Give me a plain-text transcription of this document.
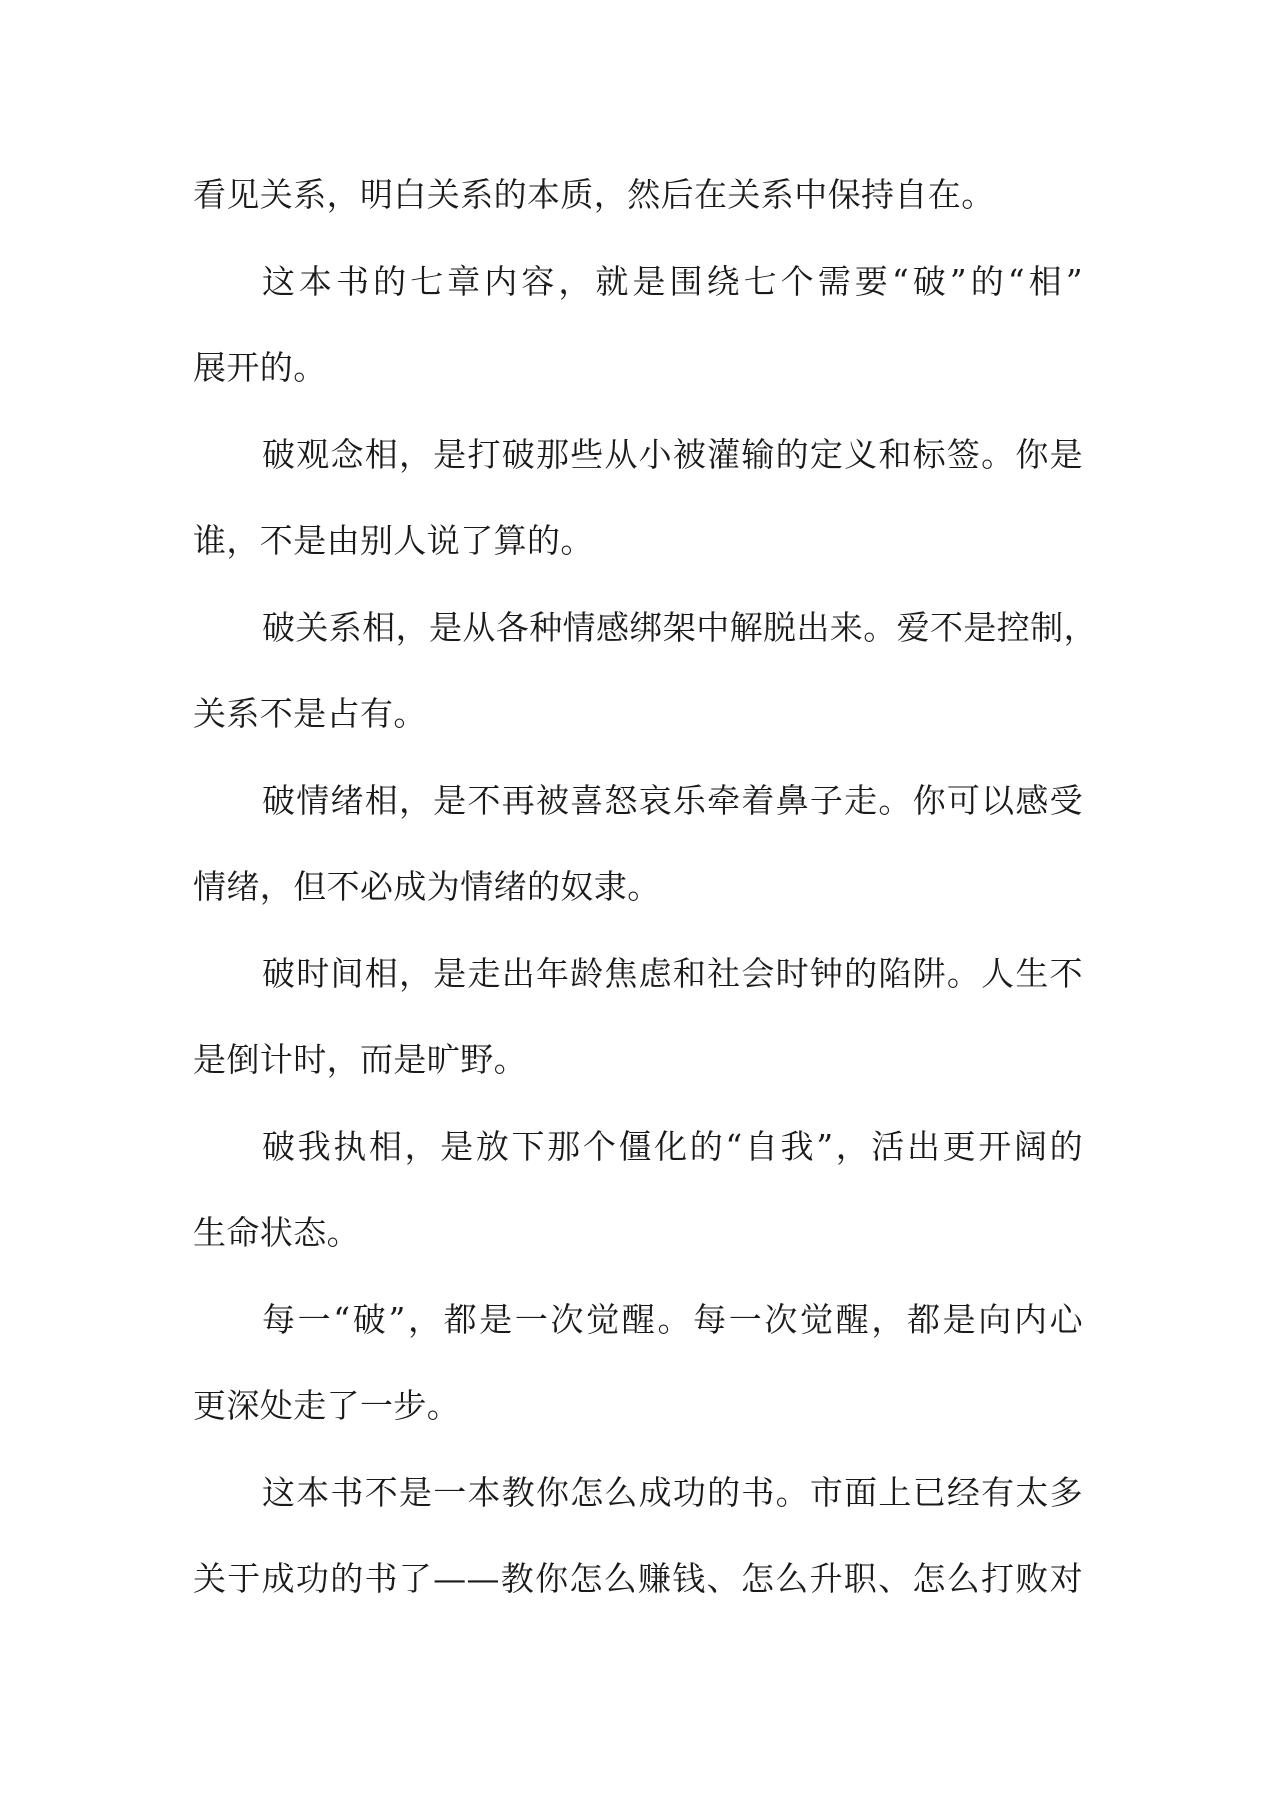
看见关系，明白关系的本质，然后在关系中保持自在。
这本书的七章内容，就是围绕七个需要“破”的“相”
展开的。
破观念相，是打破那些从小被灌输的定义和标签。你是
谁，不是由别人说了算的。
破关系相，是从各种情感绑架中解脱出来。爱不是控制，
关系不是占有。
破情绪相，是不再被喜怒哀乐牵着鼻子走。你可以感受
情绪，但不必成为情绪的奴隶。
破时间相，是走出年龄焦虑和社会时钟的陷阱。人生不
是倒计时，而是旷野。
破我执相，是放下那个僵化的“自我”，活出更开阔的
生命状态。
每一“破”，都是一次觉醒。每一次觉醒，都是向内心
更深处走了一步。
这本书不是一本教你怎么成功的书。市面上已经有太多
关于成功的书了——教你怎么赚钱、怎么升职、怎么打败对
